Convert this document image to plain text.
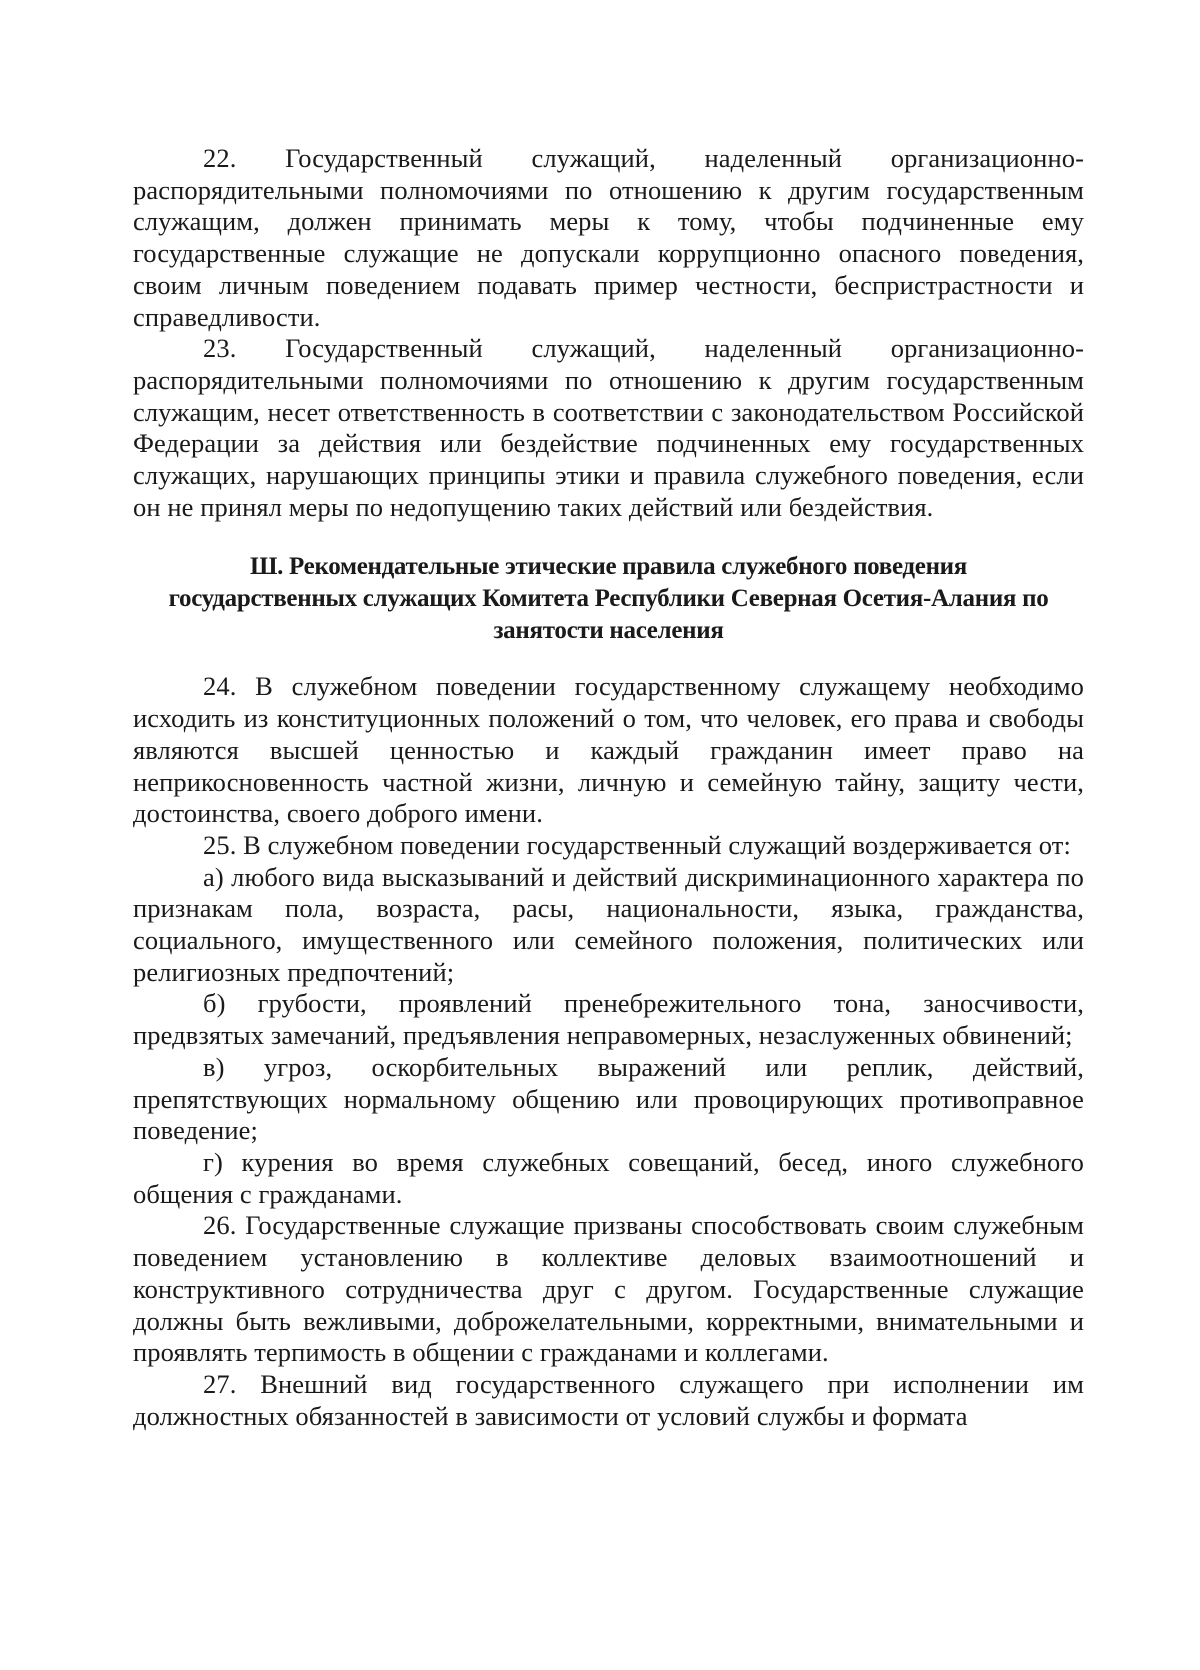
22. Государственный служащий, наделенный организационно-распорядительными полномочиями по отношению к другим государственным служащим, должен принимать меры к тому, чтобы подчиненные ему государственные служащие не допускали коррупционно опасного поведения, своим личным поведением подавать пример честности, беспристрастности и справедливости.

23. Государственный служащий, наделенный организационно-распорядительными полномочиями по отношению к другим государственным служащим, несет ответственность в соответствии с законодательством Российской Федерации за действия или бездействие подчиненных ему государственных служащих, нарушающих принципы этики и правила служебного поведения, если он не принял меры по недопущению таких действий или бездействия.

Ш. Рекомендательные этические правила служебного поведения
государственных служащих Комитета Республики Северная Осетия-Алания по
занятости населения

24. В служебном поведении государственному служащему необходимо исходить из конституционных положений о том, что человек, его права и свободы являются высшей ценностью и каждый гражданин имеет право на неприкосновенность частной жизни, личную и семейную тайну, защиту чести, достоинства, своего доброго имени.

25. В служебном поведении государственный служащий воздерживается от:

а) любого вида высказываний и действий дискриминационного характера по признакам пола, возраста, расы, национальности, языка, гражданства, социального, имущественного или семейного положения, политических или религиозных предпочтений;

б) грубости, проявлений пренебрежительного тона, заносчивости, предвзятых замечаний, предъявления неправомерных, незаслуженных обвинений;

в) угроз, оскорбительных выражений или реплик, действий, препятствующих нормальному общению или провоцирующих противоправное поведение;

г) курения во время служебных совещаний, бесед, иного служебного общения с гражданами.

26. Государственные служащие призваны способствовать своим служебным поведением установлению в коллективе деловых взаимоотношений и конструктивного сотрудничества друг с другом. Государственные служащие должны быть вежливыми, доброжелательными, корректными, внимательными и проявлять терпимость в общении с гражданами и коллегами.

27. Внешний вид государственного служащего при исполнении им должностных обязанностей в зависимости от условий службы и формата
